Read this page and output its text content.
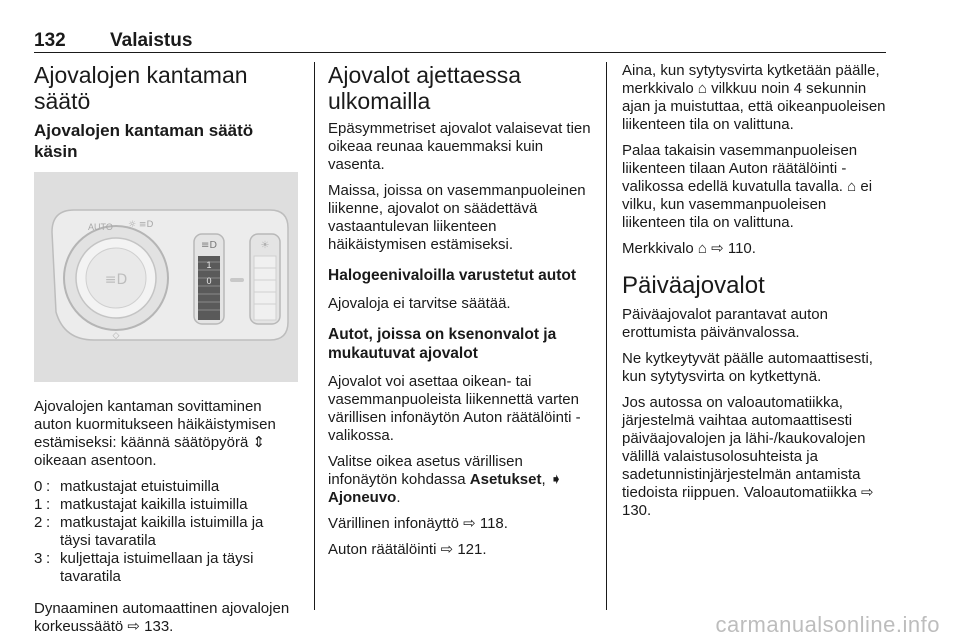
132 Valaistus
Ajovalojen kantaman säätö
Ajovalojen kantaman säätö käsin
≡D
AUTO ☼ ≡D
1
0
≡D	☀
◇

Ajovalojen kantaman sovittaminen auton kuormitukseen häikäistymisen estämiseksi: käännä säätöpyörä ⇕ oikeaan asentoon.

0 : matkustajat etuistuimilla
1 : matkustajat kaikilla istuimilla
2 : matkustajat kaikilla istuimilla ja täysi tavaratila
3 : kuljettaja istuimellaan ja täysi tavaratila

Dynaaminen automaattinen ajovalojen korkeussäätö ⇨ 133.

Ajovalot ajettaessa ulkomailla

Epäsymmetriset ajovalot valaisevat tien oikeaa reunaa kauemmaksi kuin vasenta.

Maissa, joissa on vasemmanpuoleinen liikenne, ajovalot on säädettävä vastaantulevan liikenteen häikäistymisen estämiseksi.

Halogeenivaloilla varustetut autot

Ajovaloja ei tarvitse säätää.

Autot, joissa on ksenonvalot ja mukautuvat ajovalot

Ajovalot voi asettaa oikean- tai vasemmanpuoleista liikennettä varten värillisen infonäytön Auton räätälöinti -valikossa.

Valitse oikea asetus värillisen infonäytön kohdassa Asetukset, ➧ Ajoneuvo.

Värillinen infonäyttö ⇨ 118.

Auton räätälöinti ⇨ 121.

Aina, kun sytytysvirta kytketään päälle, merkkivalo ⌂ vilkkuu noin 4 sekunnin ajan ja muistuttaa, että oikeanpuoleisen liikenteen tila on valittuna.

Palaa takaisin vasemmanpuoleisen liikenteen tilaan Auton räätälöinti -valikossa edellä kuvatulla tavalla. ⌂ ei vilku, kun vasemmanpuoleisen liikenteen tila on valittuna.

Merkkivalo ⌂ ⇨ 110.

Päiväajovalot

Päiväajovalot parantavat auton erottumista päivänvalossa.

Ne kytkeytyvät päälle automaattisesti, kun sytytysvirta on kytkettynä.

Jos autossa on valoautomatiikka, järjestelmä vaihtaa automaattisesti päiväajovalojen ja lähi-/kaukovalojen välillä valaistusolosuhteista ja sadetunnistinjärjestelmän antamista tiedoista riippuen. Valoautomatiikka ⇨ 130.

carmanualsonline.info
